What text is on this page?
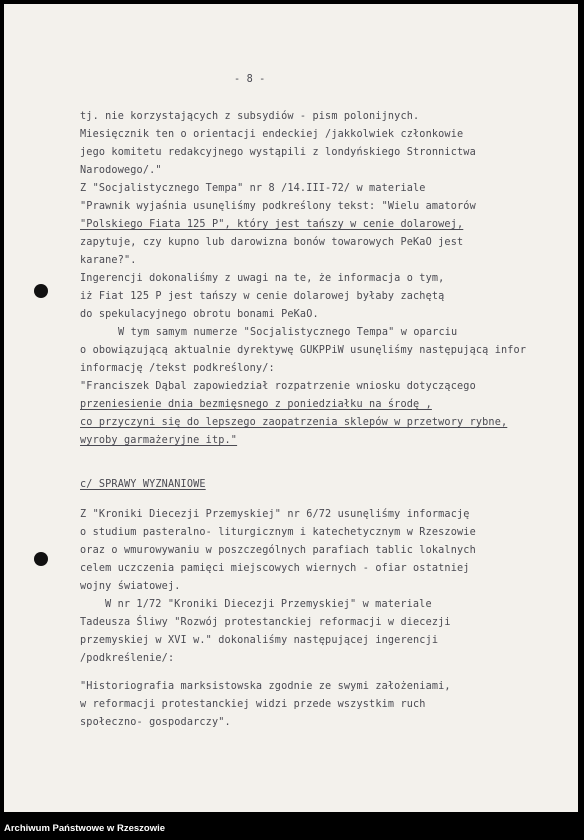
- 8 -
tj. nie korzystających z subsydiów - pism polonijnych.
Miesięcznik ten o orientacji endeckiej /jakkolwiek członkowie
jego komitetu redakcyjnego wystąpili z londyńskiego Stronnictwa
Narodowego/."
Z "Socjalistycznego Tempa" nr 8 /14.III-72/ w materiale
"Prawnik wyjaśnia usunęliśmy podkreślony tekst: "Wielu amatorów
"Polskiego Fiata 125 P", który jest tańszy w cenie dolarowej,
zapytuje, czy kupno lub darowizna bonów towarowych PeKaO jest
karane?".
Ingerencji dokonaliśmy z uwagi na te, że informacja o tym,
iż Fiat 125 P jest tańszy w cenie dolarowej byłaby zachętą
do spekulacyjnego obrotu bonami PeKaO.
W tym samym numerze "Socjalistycznego Tempa" w oparciu
o obowiązującą aktualnie dyrektywę GUKPPiW usunęliśmy następującą infor
informację /tekst podkreślony/:
"Franciszek Dąbal zapowiedział rozpatrzenie wniosku dotyczącego
przeniesienie dnia bezmięsnego z poniedziałku na środę ,
co przyczyni się do lepszego zaopatrzenia sklepów w przetwory rybne,
wyroby garmażeryjne itp."
c/ SPRAWY WYZNANIOWE
Z "Kroniki Diecezji Przemyskiej" nr 6/72 usunęliśmy informację
o studium pasteralno- liturgicznym i katechetycznym w Rzeszowie
oraz o wmurowywaniu w poszczególnych parafiach tablic lokalnych
celem uczczenia pamięci miejscowych wiernych - ofiar ostatniej
wojny światowej.
W nr 1/72 "Kroniki Diecezji Przemyskiej" w materiale
Tadeusza Śliwy "Rozwój protestanckiej reformacji w diecezji
przemyskiej w XVI w." dokonaliśmy następującej ingerencji
/podkreślenie/:
"Historiografia marksistowska zgodnie ze swymi założeniami,
w reformacji protestanckiej widzi przede wszystkim ruch
społeczno- gospodarczy".
Archiwum Państwowe w Rzeszowie
